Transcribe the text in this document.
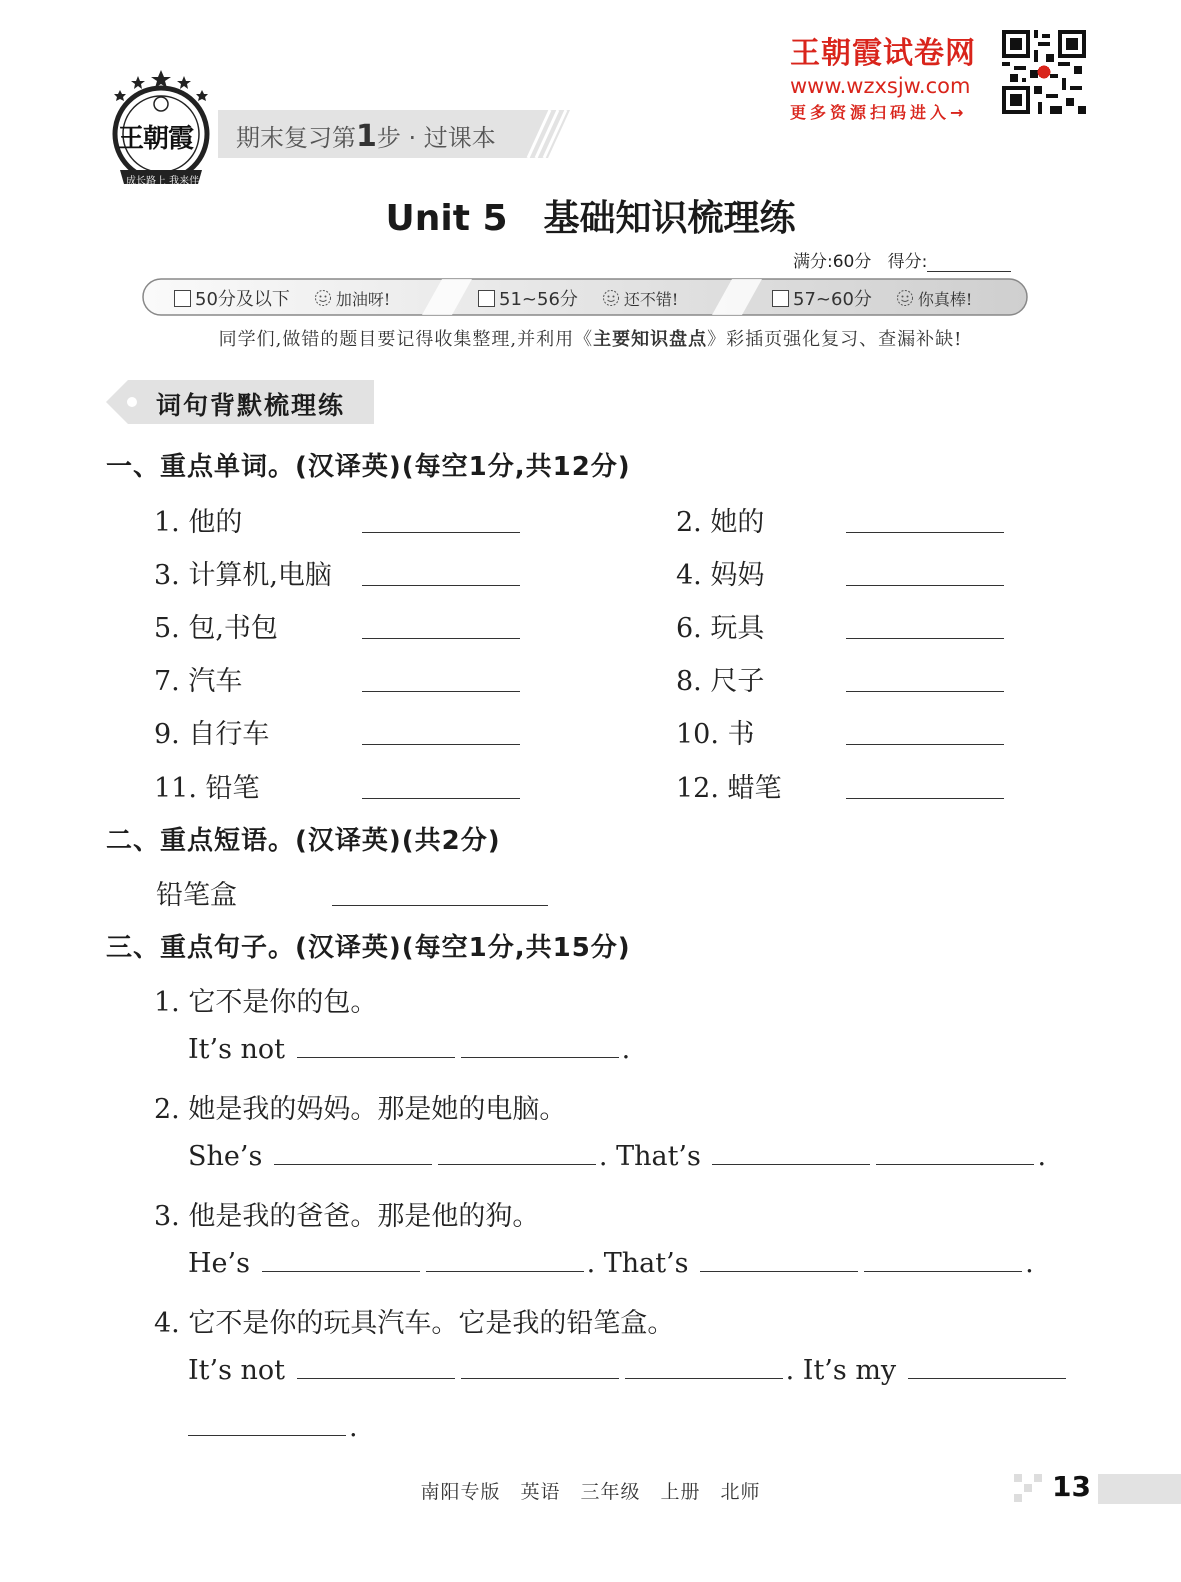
王朝霞
成长路上 我来伴天
期末复习第1步 · 过课本
王朝霞试卷网
www.wzxsjw.com
更多资源扫码进入→
Unit 5　基础知识梳理练
满分:60分 得分:
50分及以下	加油呀!	51~56分	还不错!	57~60分	你真棒!
同学们,做错的题目要记得收集整理,并利用《主要知识盘点》彩插页强化复习、查漏补缺!
词句背默梳理练
一、重点单词。(汉译英)(每空1分,共12分)
1. 他的	2. 她的
3. 计算机,电脑	4. 妈妈
5. 包,书包	6. 玩具
7. 汽车	8. 尺子
9. 自行车	10. 书
11. 铅笔	12. 蜡笔
二、重点短语。(汉译英)(共2分)
铅笔盒
三、重点句子。(汉译英)(每空1分,共15分)
1. 它不是你的包。
It’s not	.
2. 她是我的妈妈。那是她的电脑。
She’s	. That’s	.
3. 他是我的爸爸。那是他的狗。
He’s	. That’s	.
4. 它不是你的玩具汽车。它是我的铅笔盒。
It’s not	. It’s my
.
南阳专版　英语　三年级　上册　北师	13
